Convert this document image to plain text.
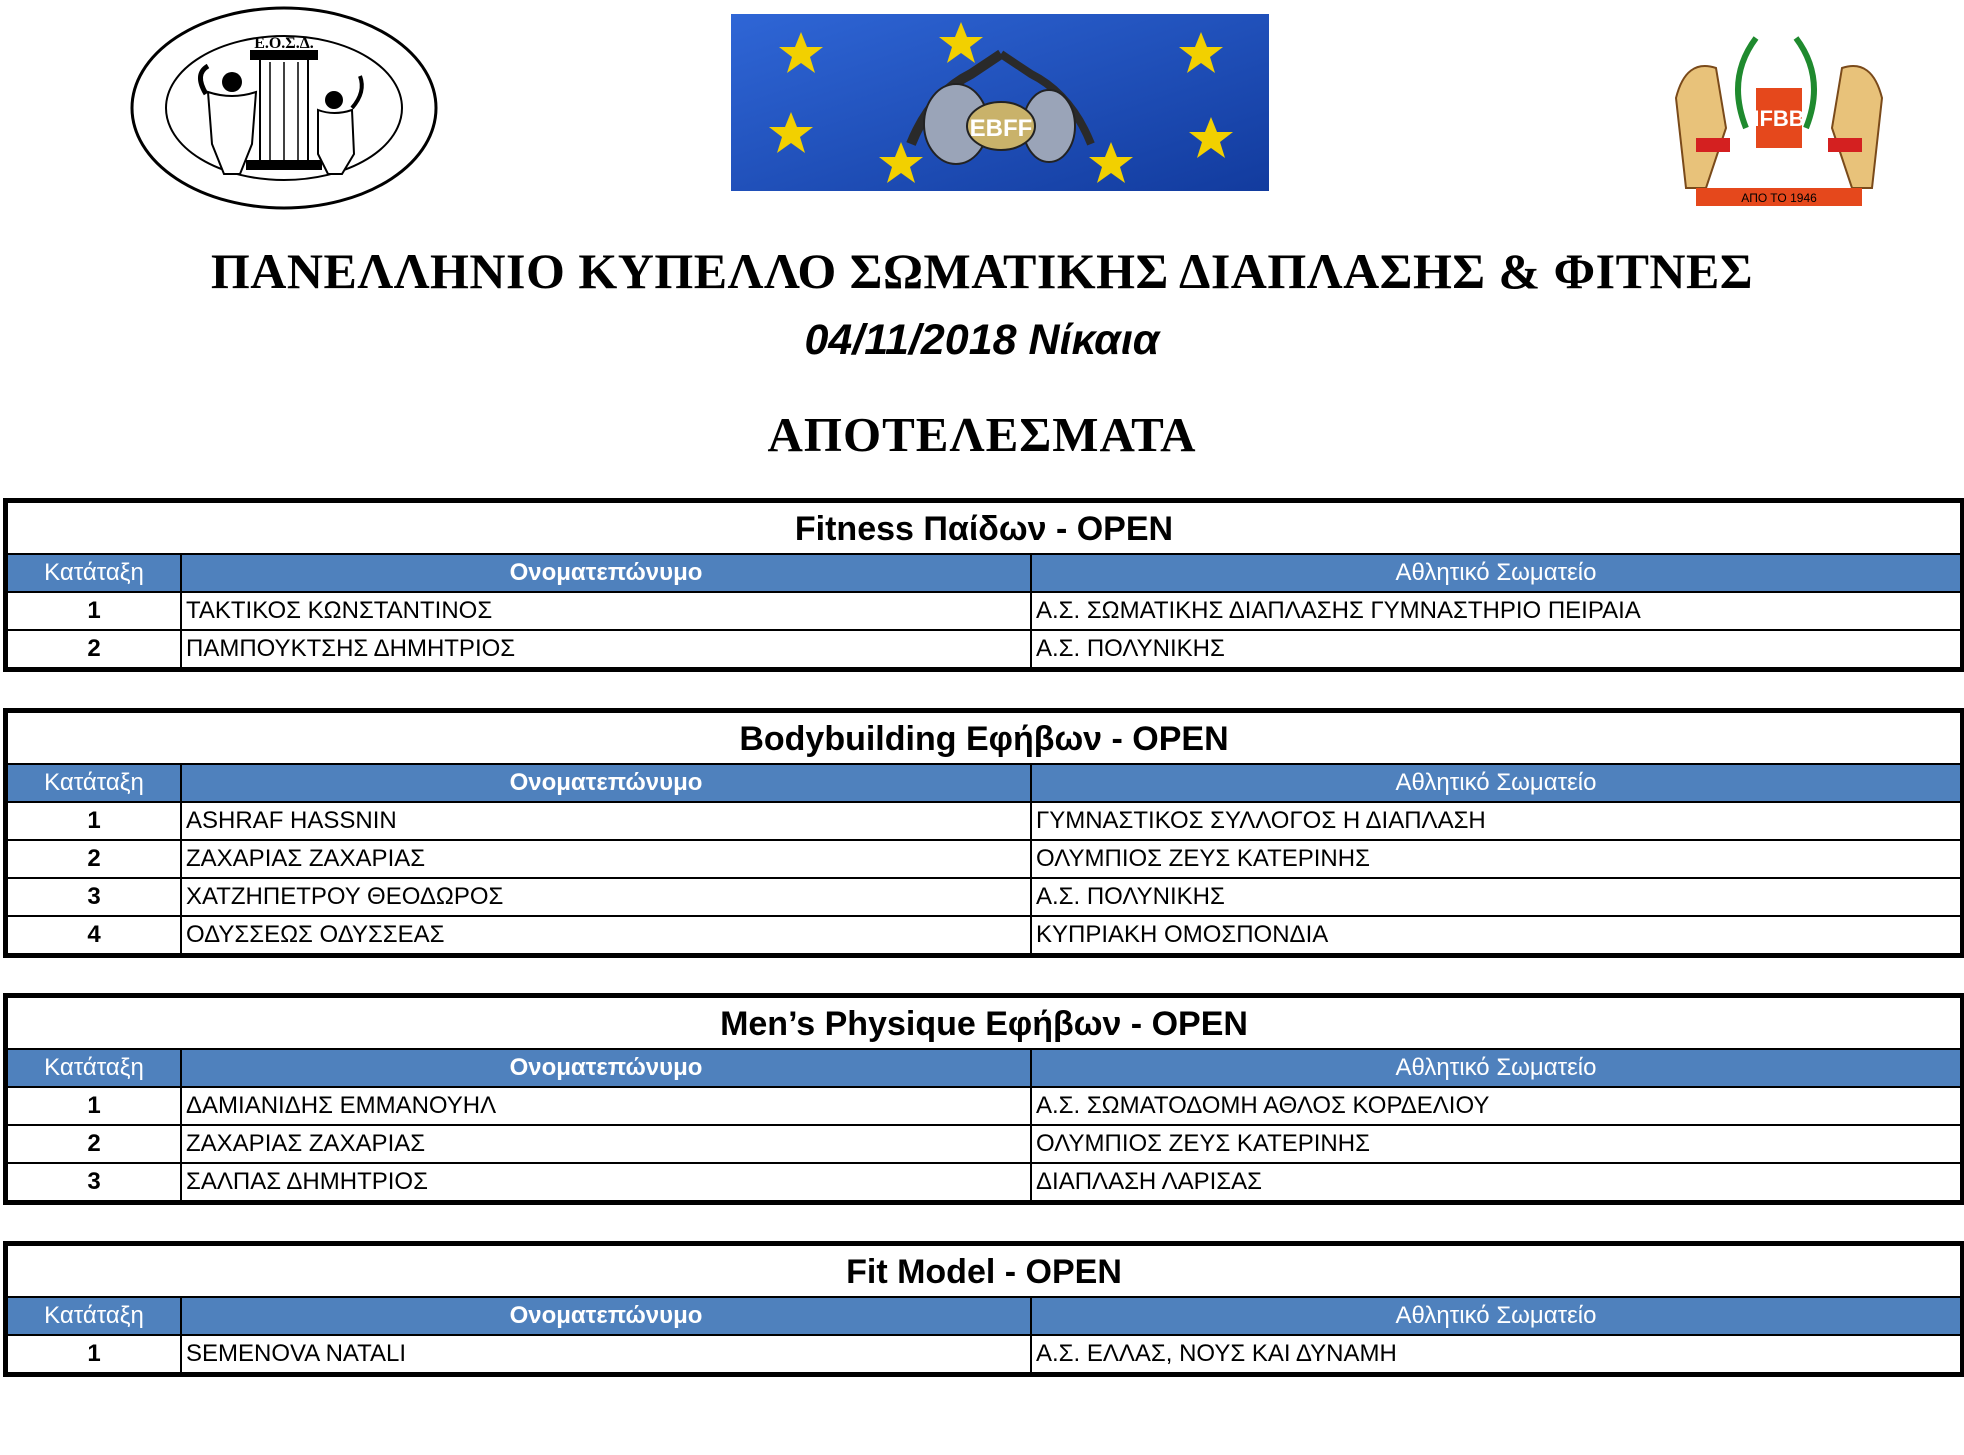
Ε.Ο.Σ.Δ.
EBFF	IFBB
ΑΠΟ ΤΟ 1946
ΠΑΝΕΛΛΗΝΙΟ ΚΥΠΕΛΛΟ ΣΩΜΑΤΙΚΗΣ ΔΙΑΠΛΑΣΗΣ & ΦΙΤΝΕΣ
04/11/2018 Νίκαια
ΑΠΟΤΕΛΕΣΜΑΤΑ
Fitness Παίδων - OPEN
Κατάταξη	Ονοματεπώνυμο	Αθλητικό Σωματείο
1	ΤΑΚΤΙΚΟΣ ΚΩΝΣΤΑΝΤΙΝΟΣ	Α.Σ. ΣΩΜΑΤΙΚΗΣ ΔΙΑΠΛΑΣΗΣ ΓΥΜΝΑΣΤΗΡΙΟ ΠΕΙΡΑΙΑ
2	ΠΑΜΠΟΥΚΤΣΗΣ ΔΗΜΗΤΡΙΟΣ	Α.Σ. ΠΟΛΥΝΙΚΗΣ
Bodybuilding Εφήβων - OPEN
Κατάταξη	Ονοματεπώνυμο	Αθλητικό Σωματείο
1	ASHRAF HASSNIN	ΓΥΜΝΑΣΤΙΚΟΣ ΣΥΛΛΟΓΟΣ Η ΔΙΑΠΛΑΣΗ
2	ΖΑΧΑΡΙΑΣ ΖΑΧΑΡΙΑΣ	ΟΛΥΜΠΙΟΣ ΖΕΥΣ ΚΑΤΕΡΙΝΗΣ
3	ΧΑΤΖΗΠΕΤΡΟΥ ΘΕΟΔΩΡΟΣ	Α.Σ. ΠΟΛΥΝΙΚΗΣ
4	ΟΔΥΣΣΕΩΣ ΟΔΥΣΣΕΑΣ	ΚΥΠΡΙΑΚΗ ΟΜΟΣΠΟΝΔΙΑ
Men’s Physique Εφήβων - OPEN
Κατάταξη	Ονοματεπώνυμο	Αθλητικό Σωματείο
1	ΔΑΜΙΑΝΙΔΗΣ ΕΜΜΑΝΟΥΗΛ	Α.Σ. ΣΩΜΑΤΟΔΟΜΗ ΑΘΛΟΣ ΚΟΡΔΕΛΙΟΥ
2	ΖΑΧΑΡΙΑΣ ΖΑΧΑΡΙΑΣ	ΟΛΥΜΠΙΟΣ ΖΕΥΣ ΚΑΤΕΡΙΝΗΣ
3	ΣΑΛΠΑΣ ΔΗΜΗΤΡΙΟΣ	ΔΙΑΠΛΑΣΗ ΛΑΡΙΣΑΣ
Fit Model - OPEN
Κατάταξη	Ονοματεπώνυμο	Αθλητικό Σωματείο
1	SEMENOVA NATALI	Α.Σ. ΕΛΛΑΣ, ΝΟΥΣ ΚΑΙ ΔΥΝΑΜΗ
